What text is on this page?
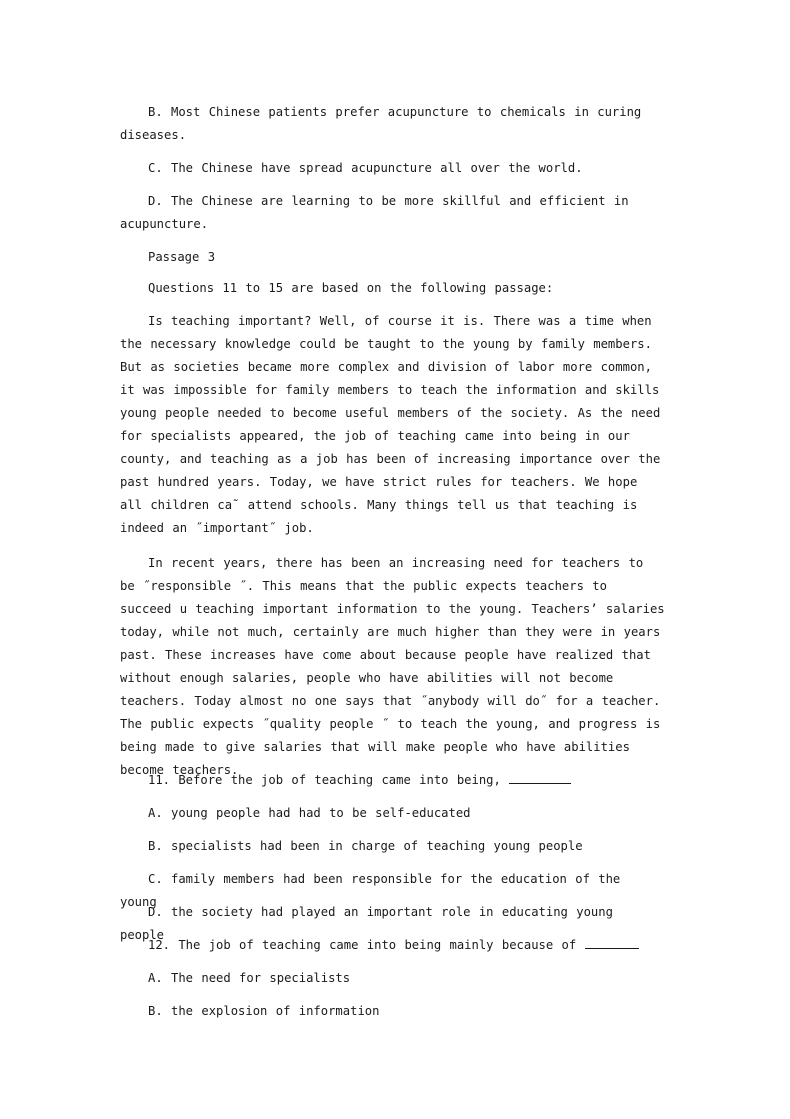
B. Most Chinese patients prefer acupuncture to chemicals in curing diseases.

C. The Chinese have spread acupuncture all over the world.

D. The Chinese are learning to be more skillful and efficient in acupuncture.

Passage 3

Questions 11 to 15 are based on the following passage:

Is teaching important? Well, of course it is. There was a time when the necessary knowledge could be taught to the young by family members. But as societies became more complex and division of labor more common, it was impossible for family members to teach the information and skills young people needed to become useful members of the society. As the need for specialists appeared, the job of teaching came into being in our county, and teaching as a job has been of increasing importance over the past hundred years. Today, we have strict rules for teachers. We hope all children ca˜ attend schools. Many things tell us that teaching is indeed an ˝important˝ job.

In recent years, there has been an increasing need for teachers to be ˝responsible ˝. This means that the public expects teachers to succeed u teaching important information to the young. Teachers’ salaries today, while not much, certainly are much higher than they were in years past. These increases have come about because people have realized that without enough salaries, people who have abilities will not become teachers. Today almost no one says that ˝anybody will do˝ for a teacher. The public expects ˝quality people ˝ to teach the young, and progress is being made to give salaries that will make people who have abilities become teachers.

11. Before the job of teaching came into being,

A. young people had had to be self-educated

B. specialists had been in charge of teaching young people

C. family members had been responsible for the education of the young

D. the society had played an important role in educating young people

12. The job of teaching came into being mainly because of

A. The need for specialists

B. the explosion of information
